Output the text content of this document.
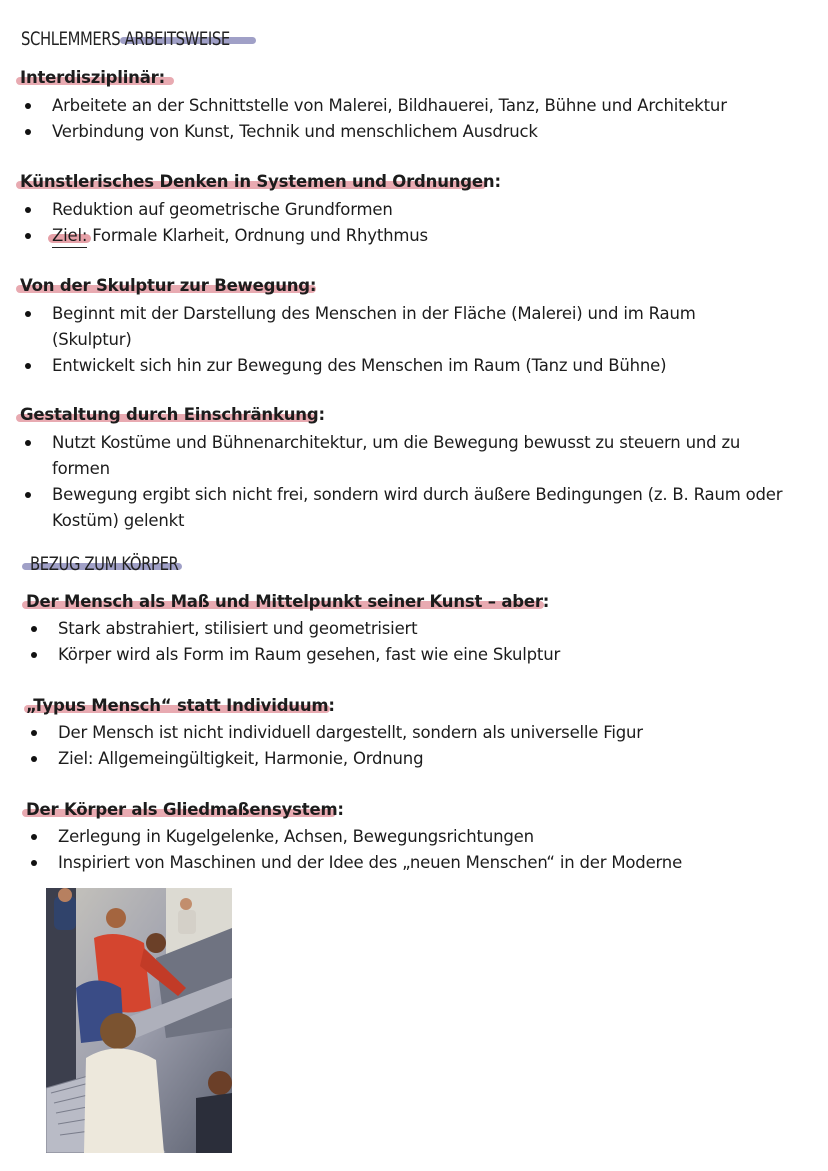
SCHLEMMERS ARBEITSWEISE
Interdisziplinär:
Arbeitete an der Schnittstelle von Malerei, Bildhauerei, Tanz, Bühne und Architektur
Verbindung von Kunst, Technik und menschlichem Ausdruck
Künstlerisches Denken in Systemen und Ordnungen:
Reduktion auf geometrische Grundformen
Ziel: Formale Klarheit, Ordnung und Rhythmus
Von der Skulptur zur Bewegung:
Beginnt mit der Darstellung des Menschen in der Fläche (Malerei) und im Raum (Skulptur)
Entwickelt sich hin zur Bewegung des Menschen im Raum (Tanz und Bühne)
Gestaltung durch Einschränkung:
Nutzt Kostüme und Bühnenarchitektur, um die Bewegung bewusst zu steuern und zu formen
Bewegung ergibt sich nicht frei, sondern wird durch äußere Bedingungen (z. B. Raum oder Kostüm) gelenkt
BEZUG ZUM KÖRPER
Der Mensch als Maß und Mittelpunkt seiner Kunst – aber:
Stark abstrahiert, stilisiert und geometrisiert
Körper wird als Form im Raum gesehen, fast wie eine Skulptur
„Typus Mensch“ statt Individuum:
Der Mensch ist nicht individuell dargestellt, sondern als universelle Figur
Ziel: Allgemeingültigkeit, Harmonie, Ordnung
Der Körper als Gliedmaßensystem:
Zerlegung in Kugelgelenke, Achsen, Bewegungsrichtungen
Inspiriert von Maschinen und der Idee des „neuen Menschen“ in der Moderne
